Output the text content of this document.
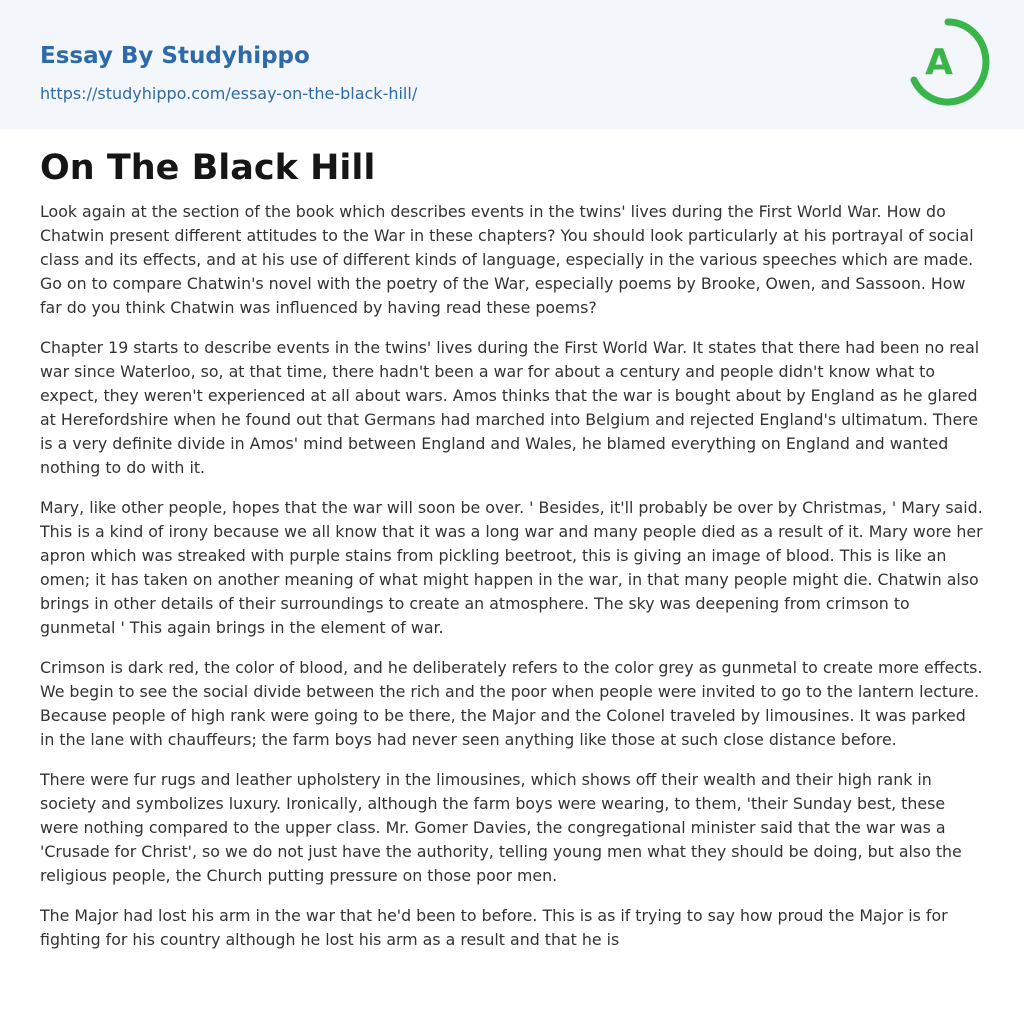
Essay By Studyhippo
https://studyhippo.com/essay-on-the-black-hill/
A
On The Black Hill

Look again at the section of the book which describes events in the twins' lives during the First World War. How do Chatwin present different attitudes to the War in these chapters? You should look particularly at his portrayal of social class and its effects, and at his use of different kinds of language, especially in the various speeches which are made. Go on to compare Chatwin's novel with the poetry of the War, especially poems by Brooke, Owen, and Sassoon. How far do you think Chatwin was influenced by having read these poems?

Chapter 19 starts to describe events in the twins' lives during the First World War. It states that there had been no real war since Waterloo, so, at that time, there hadn't been a war for about a century and people didn't know what to expect, they weren't experienced at all about wars. Amos thinks that the war is bought about by England as he glared at Herefordshire when he found out that Germans had marched into Belgium and rejected England's ultimatum. There is a very definite divide in Amos' mind between England and Wales, he blamed everything on England and wanted nothing to do with it.

Mary, like other people, hopes that the war will soon be over. ' Besides, it'll probably be over by Christmas, ' Mary said. This is a kind of irony because we all know that it was a long war and many people died as a result of it. Mary wore her apron which was streaked with purple stains from pickling beetroot, this is giving an image of blood. This is like an omen; it has taken on another meaning of what might happen in the war, in that many people might die. Chatwin also brings in other details of their surroundings to create an atmosphere. The sky was deepening from crimson to gunmetal ' This again brings in the element of war.

Crimson is dark red, the color of blood, and he deliberately refers to the color grey as gunmetal to create more effects. We begin to see the social divide between the rich and the poor when people were invited to go to the lantern lecture. Because people of high rank were going to be there, the Major and the Colonel traveled by limousines. It was parked in the lane with chauffeurs; the farm boys had never seen anything like those at such close distance before.

There were fur rugs and leather upholstery in the limousines, which shows off their wealth and their high rank in society and symbolizes luxury. Ironically, although the farm boys were wearing, to them, 'their Sunday best, these were nothing compared to the upper class. Mr. Gomer Davies, the congregational minister said that the war was a 'Crusade for Christ', so we do not just have the authority, telling young men what they should be doing, but also the religious people, the Church putting pressure on those poor men.

The Major had lost his arm in the war that he'd been to before. This is as if trying to say how proud the Major is for fighting for his country although he lost his arm as a result and that he is
